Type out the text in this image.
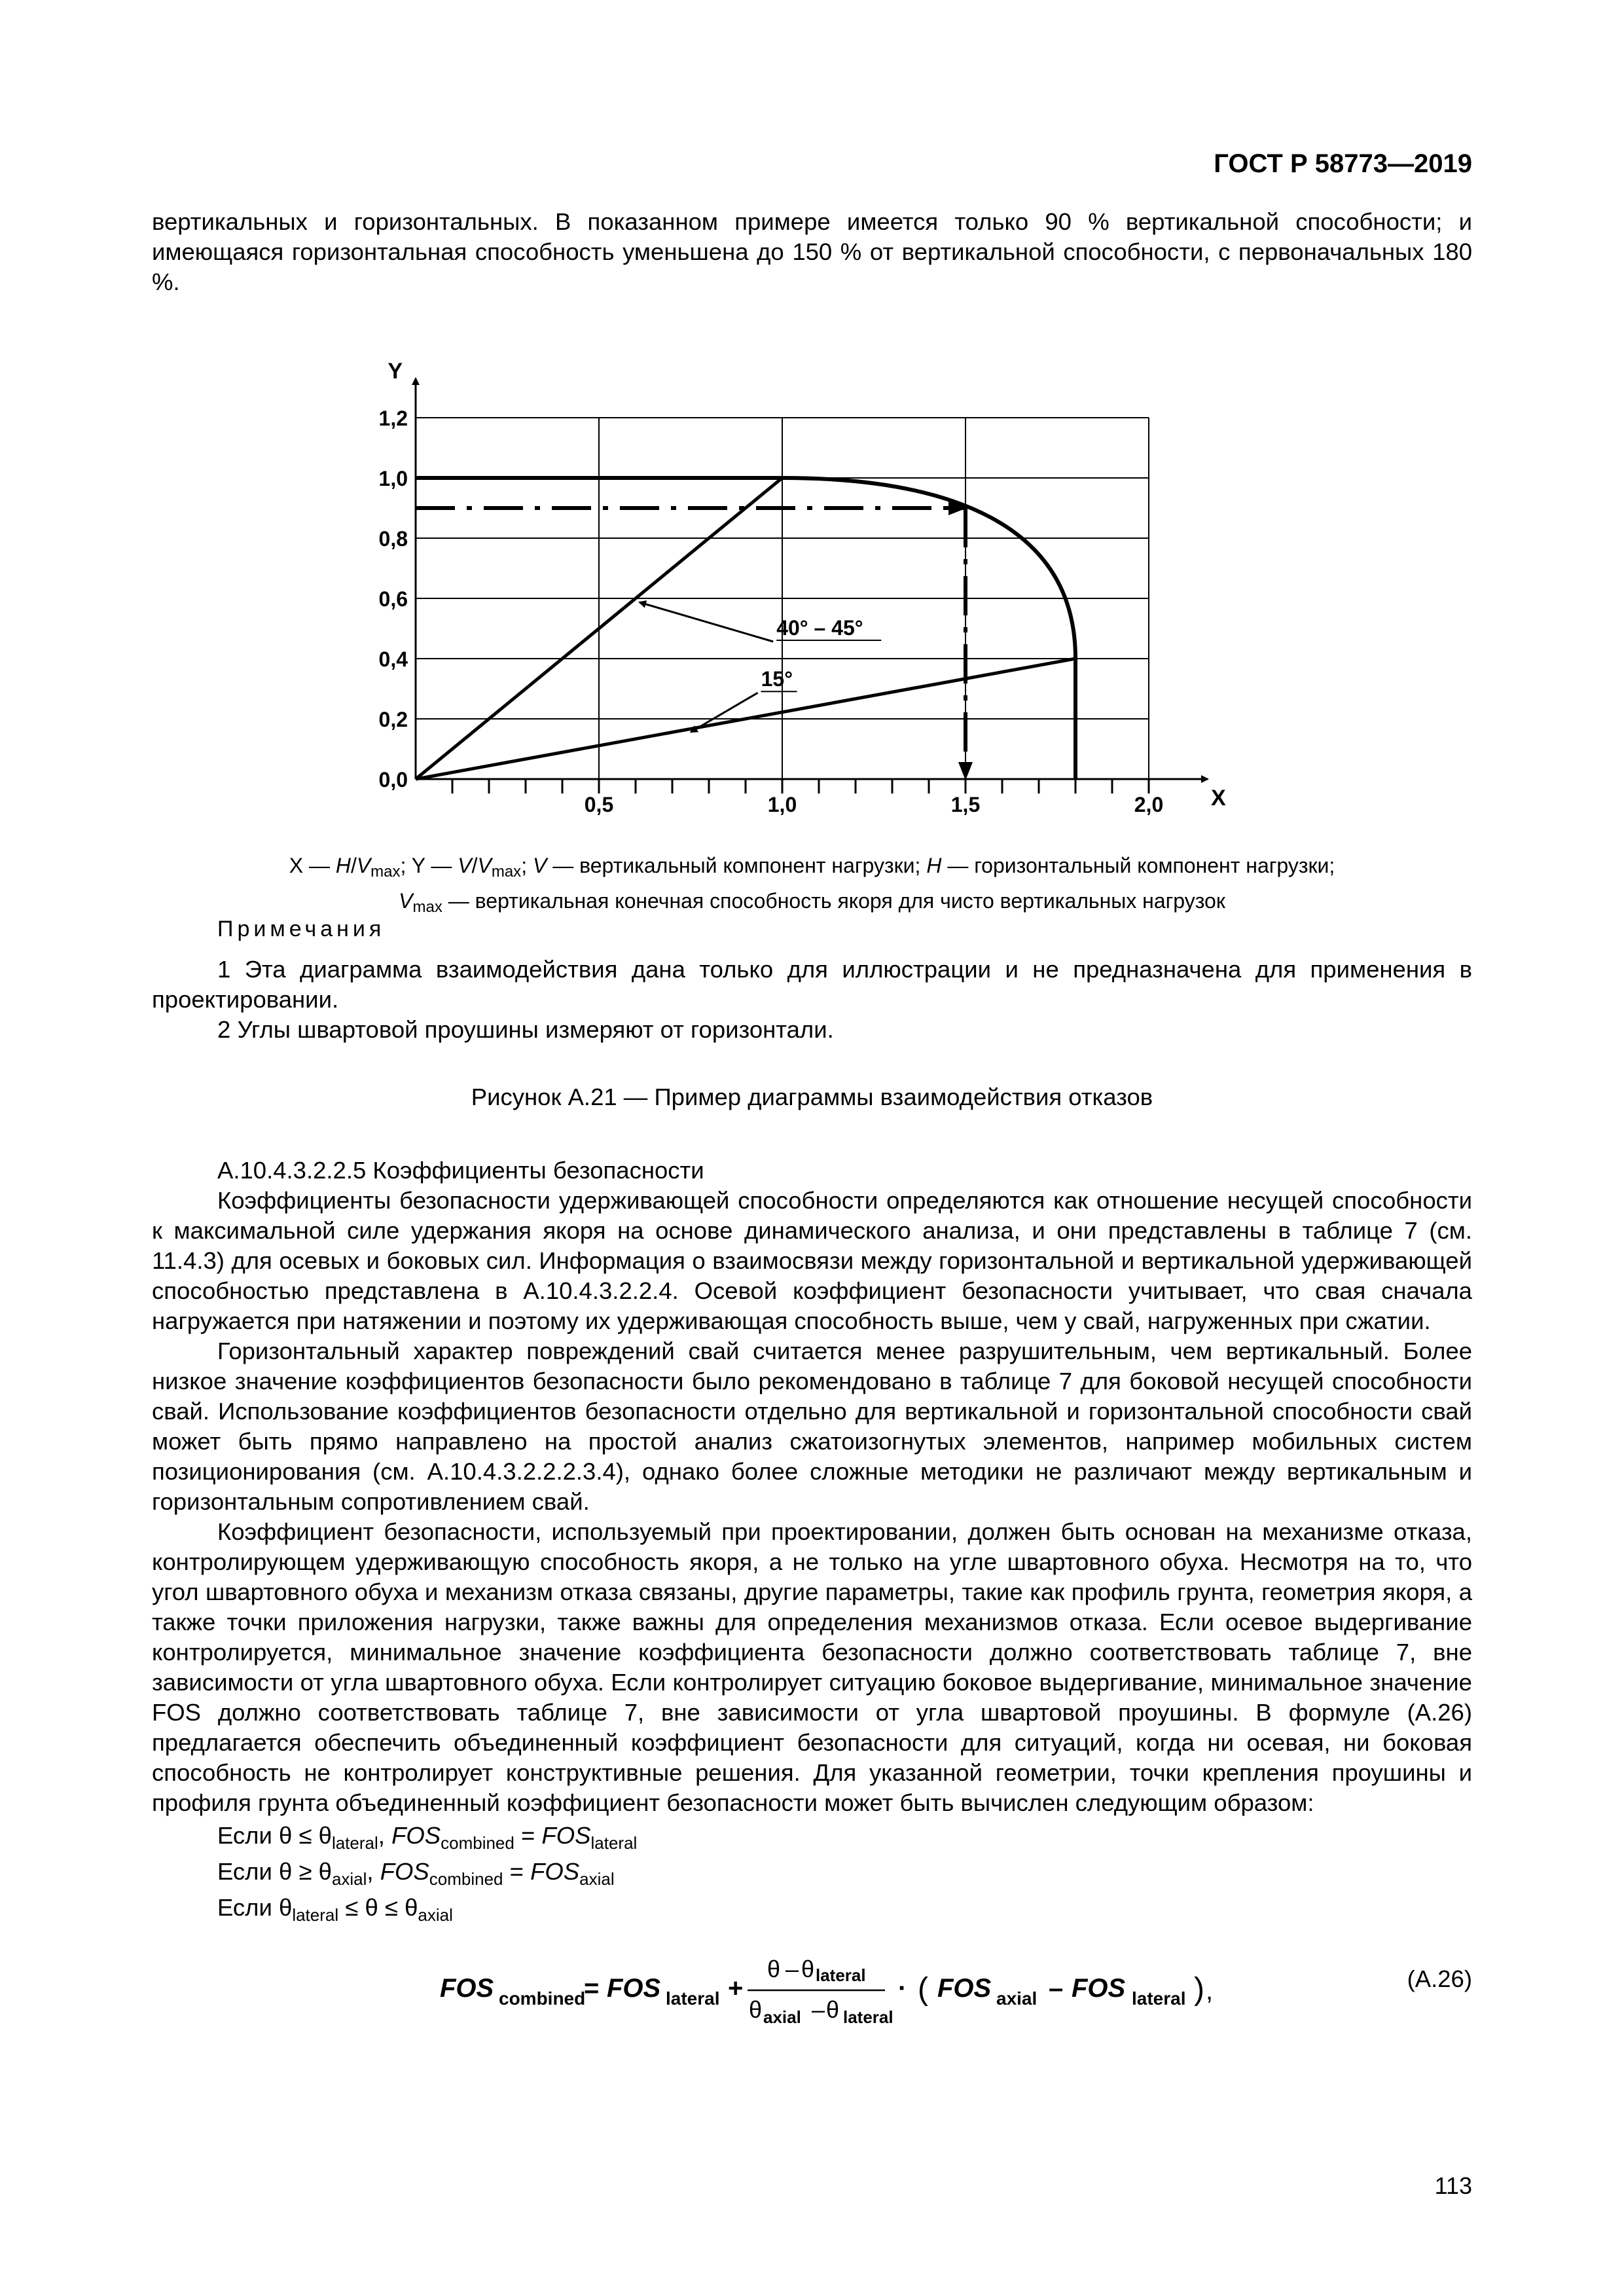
ГОСТ Р 58773—2019

вертикальных и горизонтальных. В показанном примере имеется только 90 % вертикальной способности; и имеющаяся горизонтальная способность уменьшена до 150 % от вертикальной способности, с первоначальных 180 %.

0,0
0,2
0,4
0,6
0,8
1,0
1,2
0,5	1,0	1,5	2,0
Y
X
40° – 45°
15°
X — $H/V_{max}$; Y — $V/V_{max}$; V — вертикальный компонент нагрузки; H — горизонтальный компонент нагрузки;
$V_{max}$ — вертикальная конечная способность якоря для чисто вертикальных нагрузок
Примечания

1 Эта диаграмма взаимодействия дана только для иллюстрации и не предназначена для применения в проектировании.

2 Углы швартовой проушины измеряют от горизонтали.

Рисунок А.21 — Пример диаграммы взаимодействия отказов

А.10.4.3.2.2.5 Коэффициенты безопасности

Коэффициенты безопасности удерживающей способности определяются как отношение несущей способности к максимальной силе удержания якоря на основе динамического анализа, и они представлены в таблице 7 (см. 11.4.3) для осевых и боковых сил. Информация о взаимосвязи между горизонтальной и вертикальной удерживающей способностью представлена в А.10.4.3.2.2.4. Осевой коэффициент безопасности учитывает, что свая сначала нагружается при натяжении и поэтому их удерживающая способность выше, чем у свай, нагруженных при сжатии.

Горизонтальный характер повреждений свай считается менее разрушительным, чем вертикальный. Более низкое значение коэффициентов безопасности было рекомендовано в таблице 7 для боковой несущей способности свай. Использование коэффициентов безопасности отдельно для вертикальной и горизонтальной способности свай может быть прямо направлено на простой анализ сжатоизогнутых элементов, например мобильных систем позиционирования (см. А.10.4.3.2.2.2.3.4), однако более сложные методики не различают между вертикальным и горизонтальным сопротивлением свай.

Коэффициент безопасности, используемый при проектировании, должен быть основан на механизме отказа, контролирующем удерживающую способность якоря, а не только на угле швартовного обуха. Несмотря на то, что угол швартовного обуха и механизм отказа связаны, другие параметры, такие как профиль грунта, геометрия якоря, а также точки приложения нагрузки, также важны для определения механизмов отказа. Если осевое выдергивание контролируется, минимальное значение коэффициента безопасности должно соответствовать таблице 7, вне зависимости от угла швартовного обуха. Если контролирует ситуацию боковое выдергивание, минимальное значение FOS должно соответствовать таблице 7, вне зависимости от угла швартовой проушины. В формуле (А.26) предлагается обеспечить объединенный коэффициент безопасности для ситуаций, когда ни осевая, ни боковая способность не контролирует конструктивные решения. Для указанной геометрии, точки крепления проушины и профиля грунта объединенный коэффициент безопасности может быть вычислен следующим образом:

Если $\theta \le \theta_{lateral}$, $FOS_{combined} = FOS_{lateral}$
Если $\theta \ge \theta_{axial}$, $FOS_{combined} = FOS_{axial}$
Если $\theta_{lateral} \le \theta \le \theta_{axial}$
FOS combined
= FOS lateral +
θ – θ lateral
θ axial – θ lateral
· ( FOS axial – FOS lateral ) ,	(А.26)
113
